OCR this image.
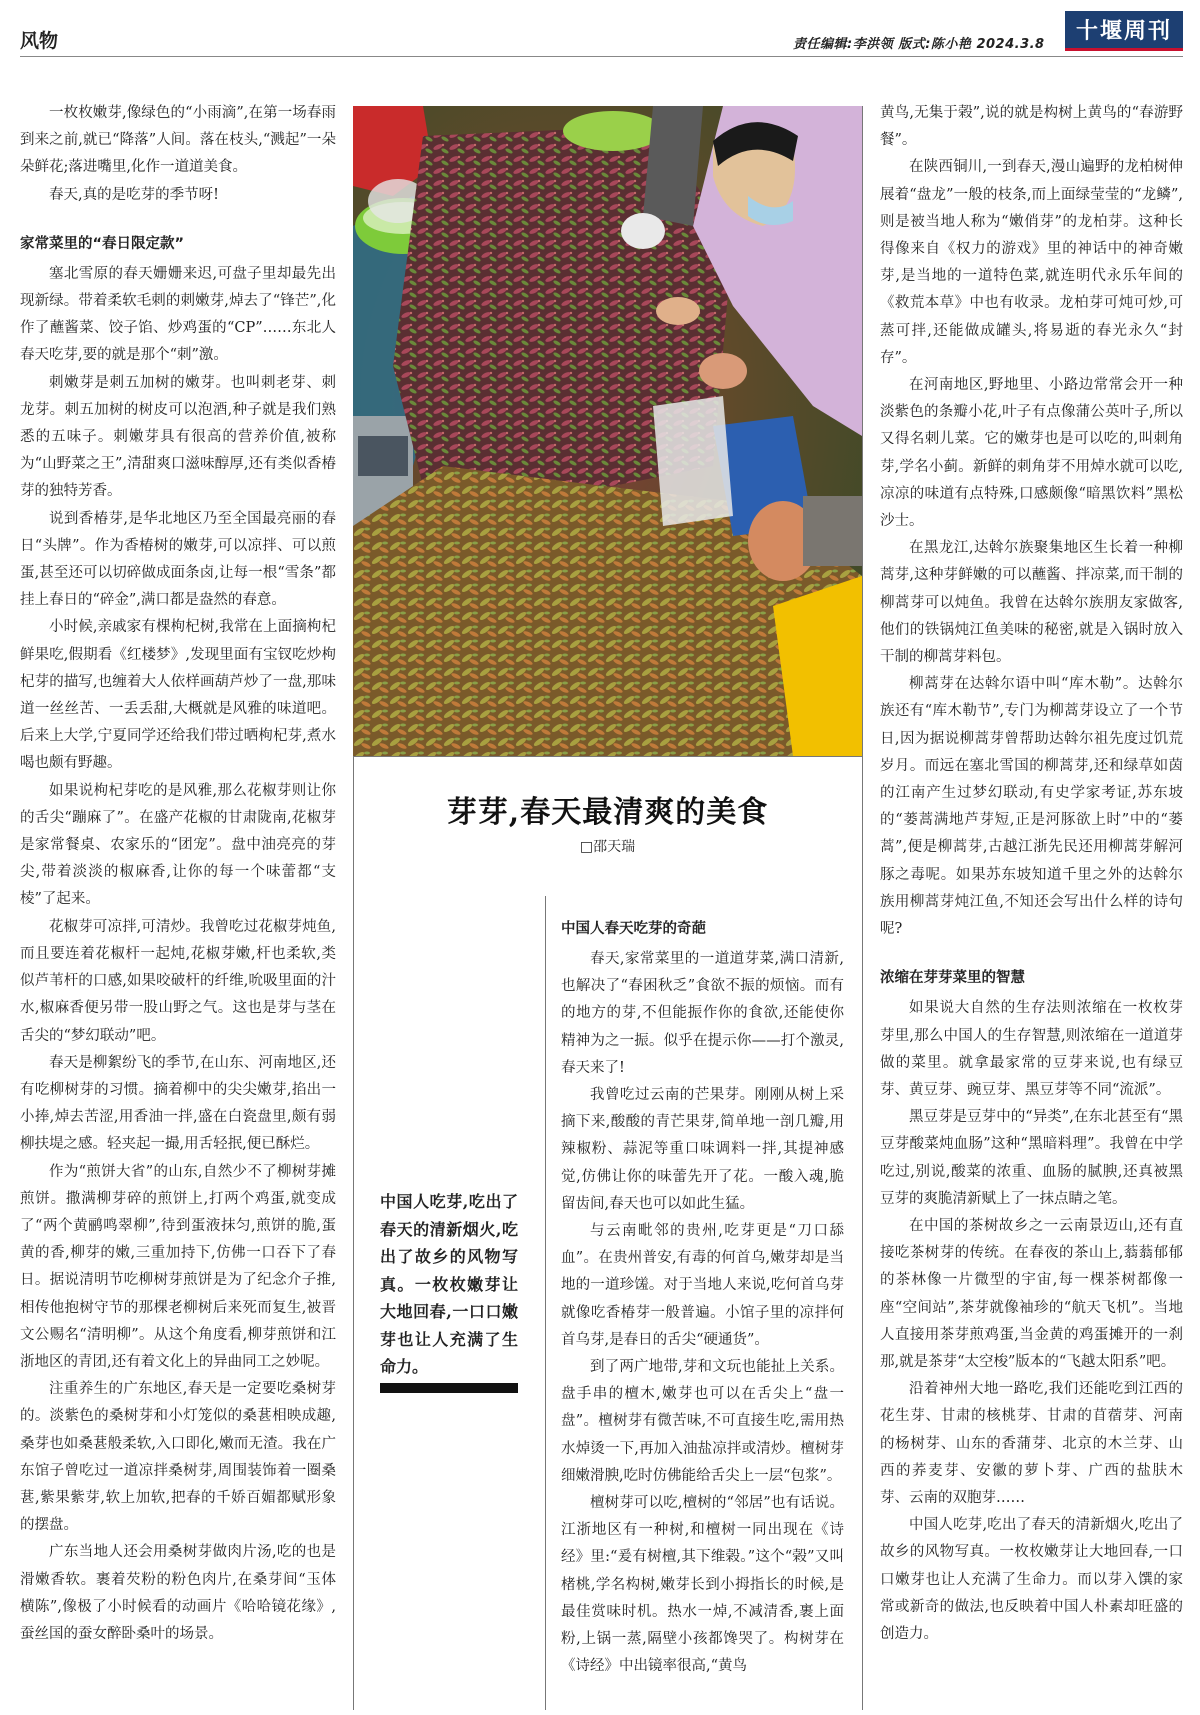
风物	责任编辑:李洪领 版式:陈小艳 2024.3.8
十堰周刊
芽芽,春天最清爽的美食
□邵天瑞
中国人吃芽,吃出了春天的清新烟火,吃出了故乡的风物写真。一枚枚嫩芽让大地回春,一口口嫩芽也让人充满了生命力。

一枚枚嫩芽,像绿色的“小雨滴”,在第一场春雨到来之前,就已“降落”人间。落在枝头,“溅起”一朵朵鲜花;落进嘴里,化作一道道美食。

春天,真的是吃芽的季节呀!

家常菜里的“春日限定款”

塞北雪原的春天姗姗来迟,可盘子里却最先出现新绿。带着柔软毛刺的刺嫩芽,焯去了“锋芒”,化作了蘸酱菜、饺子馅、炒鸡蛋的“CP”……东北人春天吃芽,要的就是那个“刺”激。

刺嫩芽是刺五加树的嫩芽。也叫刺老芽、刺龙芽。刺五加树的树皮可以泡酒,种子就是我们熟悉的五味子。刺嫩芽具有很高的营养价值,被称为“山野菜之王”,清甜爽口滋味醇厚,还有类似香椿芽的独特芳香。

说到香椿芽,是华北地区乃至全国最亮丽的春日“头牌”。作为香椿树的嫩芽,可以凉拌、可以煎蛋,甚至还可以切碎做成面条卤,让每一根“雪条”都挂上春日的“碎金”,满口都是盎然的春意。

小时候,亲戚家有棵枸杞树,我常在上面摘枸杞鲜果吃,假期看《红楼梦》,发现里面有宝钗吃炒枸杞芽的描写,也缠着大人依样画葫芦炒了一盘,那味道一丝丝苦、一丢丢甜,大概就是风雅的味道吧。后来上大学,宁夏同学还给我们带过晒枸杞芽,煮水喝也颇有野趣。

如果说枸杞芽吃的是风雅,那么花椒芽则让你的舌尖“蹦麻了”。在盛产花椒的甘肃陇南,花椒芽是家常餐桌、农家乐的“团宠”。盘中油亮亮的芽尖,带着淡淡的椒麻香,让你的每一个味蕾都“支棱”了起来。

花椒芽可凉拌,可清炒。我曾吃过花椒芽炖鱼,而且要连着花椒杆一起炖,花椒芽嫩,杆也柔软,类似芦苇杆的口感,如果咬破杆的纤维,吮吸里面的汁水,椒麻香便另带一股山野之气。这也是芽与茎在舌尖的“梦幻联动”吧。

春天是柳絮纷飞的季节,在山东、河南地区,还有吃柳树芽的习惯。摘着柳中的尖尖嫩芽,掐出一小捧,焯去苦涩,用香油一拌,盛在白瓷盘里,颇有弱柳扶堤之感。轻夹起一撮,用舌轻抿,便已酥烂。

作为“煎饼大省”的山东,自然少不了柳树芽摊煎饼。撒满柳芽碎的煎饼上,打两个鸡蛋,就变成了“两个黄鹂鸣翠柳”,待到蛋液抹匀,煎饼的脆,蛋黄的香,柳芽的嫩,三重加持下,仿佛一口吞下了春日。据说清明节吃柳树芽煎饼是为了纪念介子推,相传他抱树守节的那棵老柳树后来死而复生,被晋文公赐名“清明柳”。从这个角度看,柳芽煎饼和江浙地区的青团,还有着文化上的异曲同工之妙呢。

注重养生的广东地区,春天是一定要吃桑树芽的。淡紫色的桑树芽和小灯笼似的桑葚相映成趣,桑芽也如桑葚般柔软,入口即化,嫩而无渣。我在广东馆子曾吃过一道凉拌桑树芽,周围装饰着一圈桑葚,紫果紫芽,软上加软,把春的千娇百媚都赋形象的摆盘。

广东当地人还会用桑树芽做肉片汤,吃的也是滑嫩香软。裹着芡粉的粉色肉片,在桑芽间“玉体横陈”,像极了小时候看的动画片《哈哈镜花缘》,蚕丝国的蚕女醉卧桑叶的场景。

中国人春天吃芽的奇葩

春天,家常菜里的一道道芽菜,满口清新,也解决了“春困秋乏”食欲不振的烦恼。而有的地方的芽,不但能振作你的食欲,还能使你精神为之一振。似乎在提示你——打个激灵,春天来了!

我曾吃过云南的芒果芽。刚刚从树上采摘下来,酸酸的青芒果芽,简单地一剖几瓣,用辣椒粉、蒜泥等重口味调料一拌,其提神感觉,仿佛让你的味蕾先开了花。一酸入魂,脆留齿间,春天也可以如此生猛。

与云南毗邻的贵州,吃芽更是“刀口舔血”。在贵州普安,有毒的何首乌,嫩芽却是当地的一道珍馐。对于当地人来说,吃何首乌芽就像吃香椿芽一般普遍。小馆子里的凉拌何首乌芽,是春日的舌尖“硬通货”。

到了两广地带,芽和文玩也能扯上关系。盘手串的檀木,嫩芽也可以在舌尖上“盘一盘”。檀树芽有微苦味,不可直接生吃,需用热水焯烫一下,再加入油盐凉拌或清炒。檀树芽细嫩滑腴,吃时仿佛能给舌尖上一层“包浆”。

檀树芽可以吃,檀树的“邻居”也有话说。江浙地区有一种树,和檀树一同出现在《诗经》里:“爰有树檀,其下维榖。”这个“榖”又叫楮桃,学名构树,嫩芽长到小拇指长的时候,是最佳赏味时机。热水一焯,不减清香,裹上面粉,上锅一蒸,隔壁小孩都馋哭了。构树芽在《诗经》中出镜率很高,“黄鸟

黄鸟,无集于榖”,说的就是构树上黄鸟的“春游野餐”。

在陕西铜川,一到春天,漫山遍野的龙柏树伸展着“盘龙”一般的枝条,而上面绿莹莹的“龙鳞”,则是被当地人称为“嫩俏芽”的龙柏芽。这种长得像来自《权力的游戏》里的神话中的神奇嫩芽,是当地的一道特色菜,就连明代永乐年间的《救荒本草》中也有收录。龙柏芽可炖可炒,可蒸可拌,还能做成罐头,将易逝的春光永久“封存”。

在河南地区,野地里、小路边常常会开一种淡紫色的条瓣小花,叶子有点像蒲公英叶子,所以又得名刺儿菜。它的嫩芽也是可以吃的,叫刺角芽,学名小蓟。新鲜的刺角芽不用焯水就可以吃,凉凉的味道有点特殊,口感颇像“暗黑饮料”黑松沙士。

在黑龙江,达斡尔族聚集地区生长着一种柳蒿芽,这种芽鲜嫩的可以蘸酱、拌凉菜,而干制的柳蒿芽可以炖鱼。我曾在达斡尔族朋友家做客,他们的铁锅炖江鱼美味的秘密,就是入锅时放入干制的柳蒿芽料包。

柳蒿芽在达斡尔语中叫“库木勒”。达斡尔族还有“库木勒节”,专门为柳蒿芽设立了一个节日,因为据说柳蒿芽曾帮助达斡尔祖先度过饥荒岁月。而远在塞北雪国的柳蒿芽,还和绿草如茵的江南产生过梦幻联动,有史学家考证,苏东坡的“蒌蒿满地芦芽短,正是河豚欲上时”中的“蒌蒿”,便是柳蒿芽,古越江浙先民还用柳蒿芽解河豚之毒呢。如果苏东坡知道千里之外的达斡尔族用柳蒿芽炖江鱼,不知还会写出什么样的诗句呢?

浓缩在芽芽菜里的智慧

如果说大自然的生存法则浓缩在一枚枚芽芽里,那么中国人的生存智慧,则浓缩在一道道芽做的菜里。就拿最家常的豆芽来说,也有绿豆芽、黄豆芽、豌豆芽、黑豆芽等不同“流派”。

黑豆芽是豆芽中的“异类”,在东北甚至有“黑豆芽酸菜炖血肠”这种“黑暗料理”。我曾在中学吃过,别说,酸菜的浓重、血肠的腻腴,还真被黑豆芽的爽脆清新赋上了一抹点睛之笔。

在中国的茶树故乡之一云南景迈山,还有直接吃茶树芽的传统。在春夜的茶山上,蓊蓊郁郁的茶林像一片微型的宇宙,每一棵茶树都像一座“空间站”,茶芽就像袖珍的“航天飞机”。当地人直接用茶芽煎鸡蛋,当金黄的鸡蛋摊开的一刹那,就是茶芽“太空梭”版本的“飞越太阳系”吧。

沿着神州大地一路吃,我们还能吃到江西的花生芽、甘肃的核桃芽、甘肃的苜蓿芽、河南的杨树芽、山东的香蒲芽、北京的木兰芽、山西的荞麦芽、安徽的萝卜芽、广西的盐肤木芽、云南的双胞芽……

中国人吃芽,吃出了春天的清新烟火,吃出了故乡的风物写真。一枚枚嫩芽让大地回春,一口口嫩芽也让人充满了生命力。而以芽入馔的家常或新奇的做法,也反映着中国人朴素却旺盛的创造力。
